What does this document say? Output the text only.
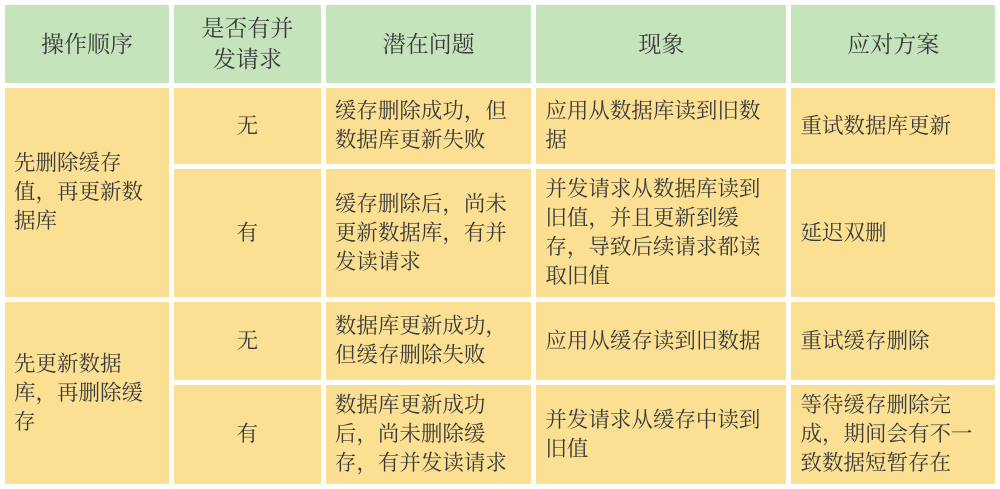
操作顺序	是否有并发请求	潜在问题	现象	应对方案
先删除缓存值，再更新数据库	无	缓存删除成功，但数据库更新失败	应用从数据库读到旧数据	重试数据库更新
	有	缓存删除后，尚未更新数据库，有并发读请求	并发请求从数据库读到旧值，并且更新到缓存，导致后续请求都读取旧值	延迟双删
先更新数据库，再删除缓存	无	数据库更新成功，但缓存删除失败	应用从缓存读到旧数据	重试缓存删除
	有	数据库更新成功后，尚未删除缓存，有并发读请求	并发请求从缓存中读到旧值	等待缓存删除完成，期间会有不一致数据短暂存在
